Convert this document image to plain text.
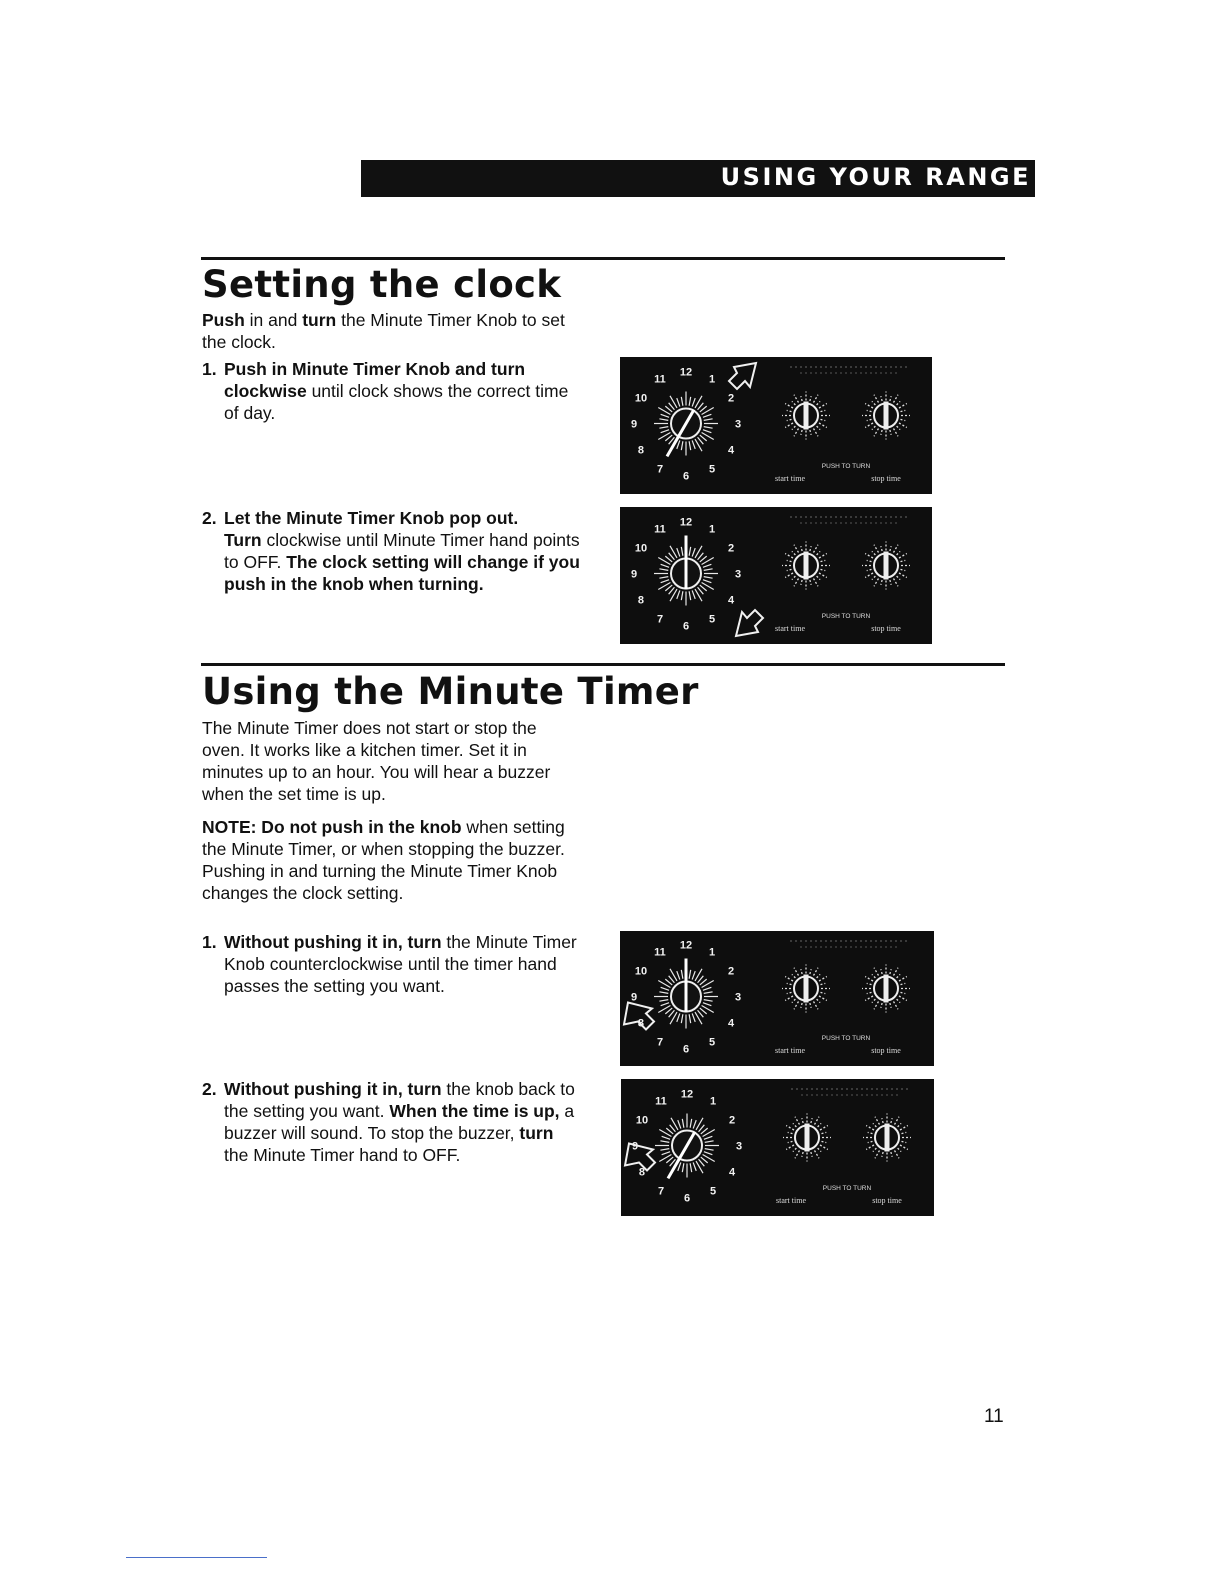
USING YOUR RANGE
Setting the clock

Push in and turn the Minute Timer Knob to set the clock.

1. Push in Minute Timer Knob and turn clockwise until clock shows the correct time of day.
2. Let the Minute Timer Knob pop out.
Turn clockwise until Minute Timer hand points to OFF. The clock setting will change if you push in the knob when turning.
Using the Minute Timer

The Minute Timer does not start or stop the oven. It works like a kitchen timer. Set it in minutes up to an hour. You will hear a buzzer when the set time is up.

NOTE: Do not push in the knob when setting the Minute Timer, or when stopping the buzzer. Pushing in and turning the Minute Timer Knob changes the clock setting.

1. Without pushing it in, turn the Minute Timer Knob counterclockwise until the timer hand passes the setting you want.
2. Without pushing it in, turn the knob back to the setting you want. When the time is up, a buzzer will sound. To stop the buzzer, turn the Minute Timer hand to OFF.
12
1
2
3
4
5
6
7
8
9
10
11
PUSH TO TURN
start time	stop time
12
1
2
3
4
5
6
7
8
9
10
11
PUSH TO TURN
start time	stop time
12
1
2
3
4
5
6
7
8
9
10
11
PUSH TO TURN
start time	stop time
12
1
2
3
4
5
6
7
8
9
10
11
PUSH TO TURN
start time	stop time
11
